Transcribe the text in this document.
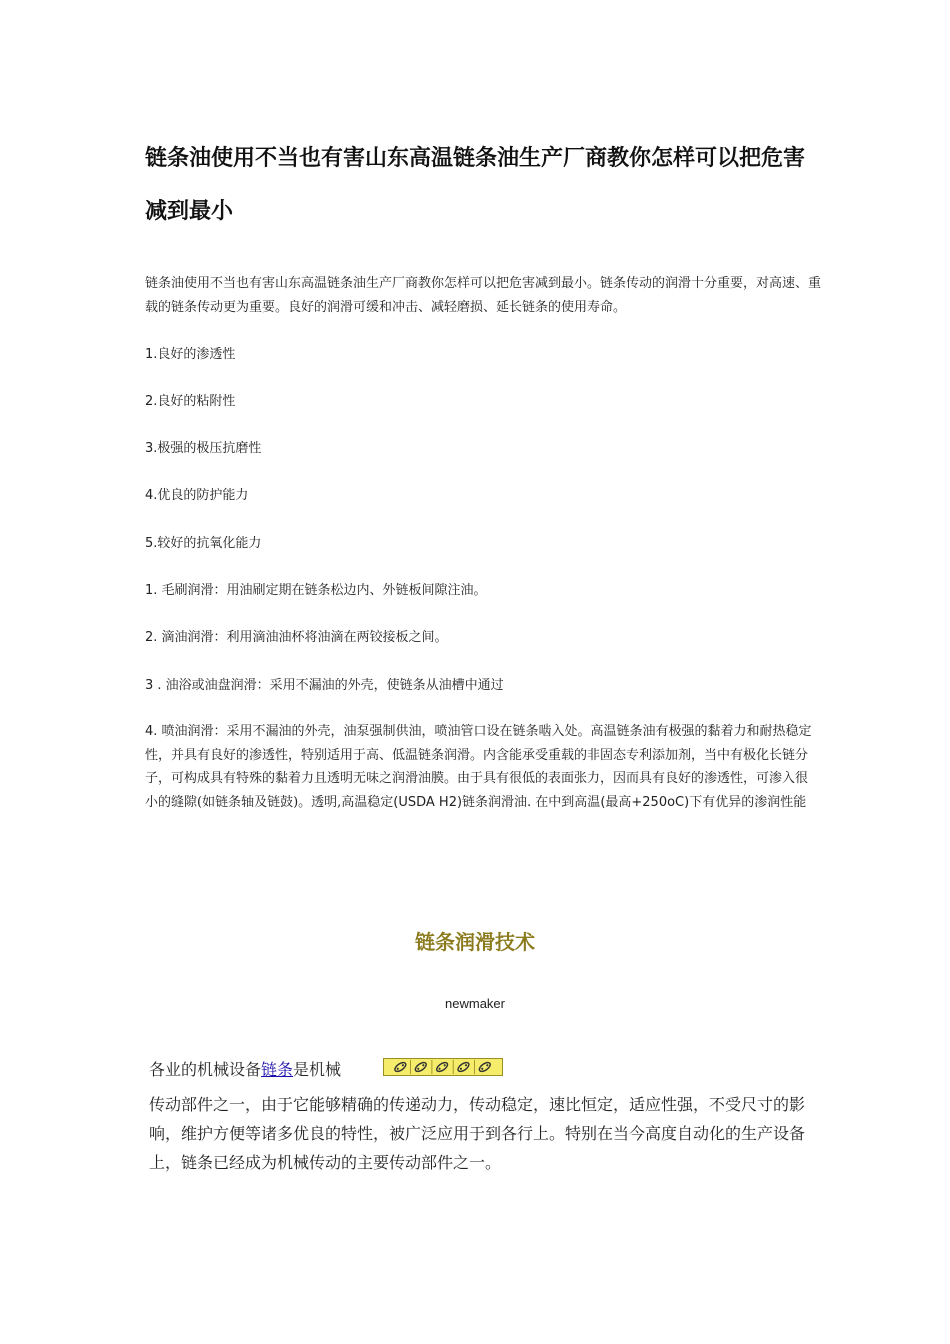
链条油使用不当也有害山东高温链条油生产厂商教你怎样可以把危害减到最小

链条油使用不当也有害山东高温链条油生产厂商教你怎样可以把危害减到最小。链条传动的润滑十分重要，对高速、重载的链条传动更为重要。良好的润滑可缓和冲击、减轻磨损、延长链条的使用寿命。

1.良好的渗透性

2.良好的粘附性

3.极强的极压抗磨性

4.优良的防护能力

5.较好的抗氧化能力

1. 毛刷润滑：用油刷定期在链条松边内、外链板间隙注油。

2. 滴油润滑：利用滴油油杯将油滴在两铰接板之间。

3 . 油浴或油盘润滑：采用不漏油的外壳，使链条从油槽中通过

4. 喷油润滑：采用不漏油的外壳，油泵强制供油，喷油管口设在链条啮入处。高温链条油有极强的黏着力和耐热稳定性，并具有良好的渗透性，特别适用于高、低温链条润滑。内含能承受重载的非固态专利添加剂，当中有极化长链分子，可构成具有特殊的黏着力且透明无味之润滑油膜。由于具有很低的表面张力，因而具有良好的渗透性，可渗入很小的缝隙(如链条轴及链鼓)。透明,高温稳定(USDA H2)链条润滑油. 在中到高温(最高+250oC)下有优异的渗润性能

链条润滑技术

newmaker

各业的机械设备链条是机械

传动部件之一，由于它能够精确的传递动力，传动稳定，速比恒定，适应性强，不受尺寸的影响，维护方便等诸多优良的特性，被广泛应用于到各行上。特别在当今高度自动化的生产设备上，链条已经成为机械传动的主要传动部件之一。
